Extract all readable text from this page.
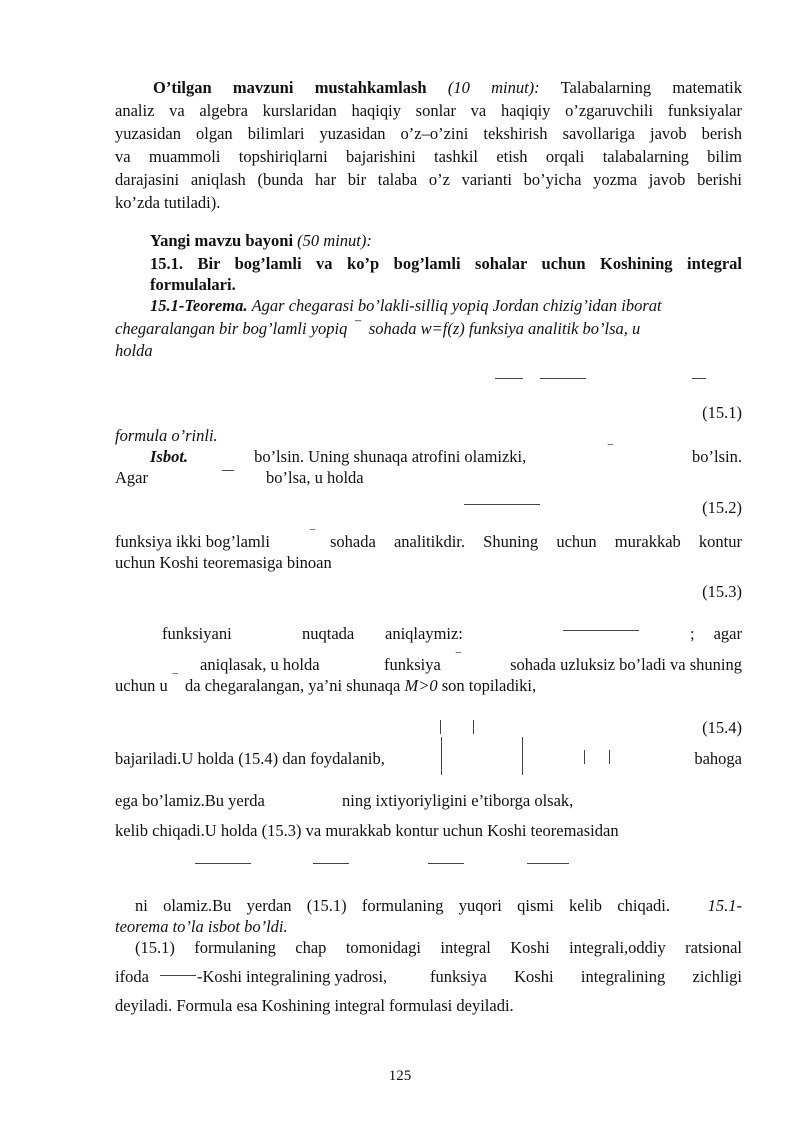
O’tilgan mavzuni mustahkamlash (10 minut): Talabalarning matematik
analiz va algebra kurslaridan haqiqiy sonlar va haqiqiy o’zgaruvchili funksiyalar
yuzasidan olgan bilimlari yuzasidan o’z–o’zini tekshirish savollariga javob berish
va muammoli topshiriqlarni bajarishini tashkil etish orqali talabalarning bilim
darajasini aniqlash (bunda har bir talaba o’z varianti bo’yicha yozma javob berishi
ko’zda tutiladi).
Yangi mavzu bayoni (50 minut):
15.1. Bir bog’lamli va ko’p bog’lamli sohalar uchun Koshining integral
formulalari.
15.1-Teorema. Agar chegarasi bo’lakli-silliq yopiq Jordan chizig’idan iborat
chegaralangan bir bog’lamli yopiq ‾ sohada w=f(z) funksiya analitik bo’lsa, u
holda
(15.1)
formula o’rinli.
Isbot.	bo’lsin. Uning shunaqa atrofini olamizki,	‾	bo’lsin.
Agar	bo’lsa, u holda
(15.2)
funksiya ikki bog’lamli	‾ sohada analitikdir. Shuning uchun murakkab kontur
uchun Koshi teoremasiga binoan
(15.3)
funksiyani	nuqtada aniqlaymiz:	; agar
aniqlasak, u holda	funksiya ‾	sohada uzluksiz bo’ladi va shuning
uchun u ‾ da chegaralangan, ya’ni shunaqa M>0 son topiladiki,
(15.4)
bajariladi.U holda (15.4) dan foydalanib,	bahoga
ega bo’lamiz.Bu yerda	ning ixtiyoriyligini e’tiborga olsak,
kelib chiqadi.U holda (15.3) va murakkab kontur uchun Koshi teoremasidan
ni olamiz.Bu yerdan (15.1) formulaning yuqori qismi kelib chiqadi. 15.1-
teorema to’la isbot bo’ldi.
(15.1) formulaning chap tomonidagi integral Koshi integrali,oddiy ratsional
ifoda	-Koshi integralining yadrosi,	funksiya Koshi integralining zichligi
deyiladi. Formula esa Koshining integral formulasi deyiladi.
125
